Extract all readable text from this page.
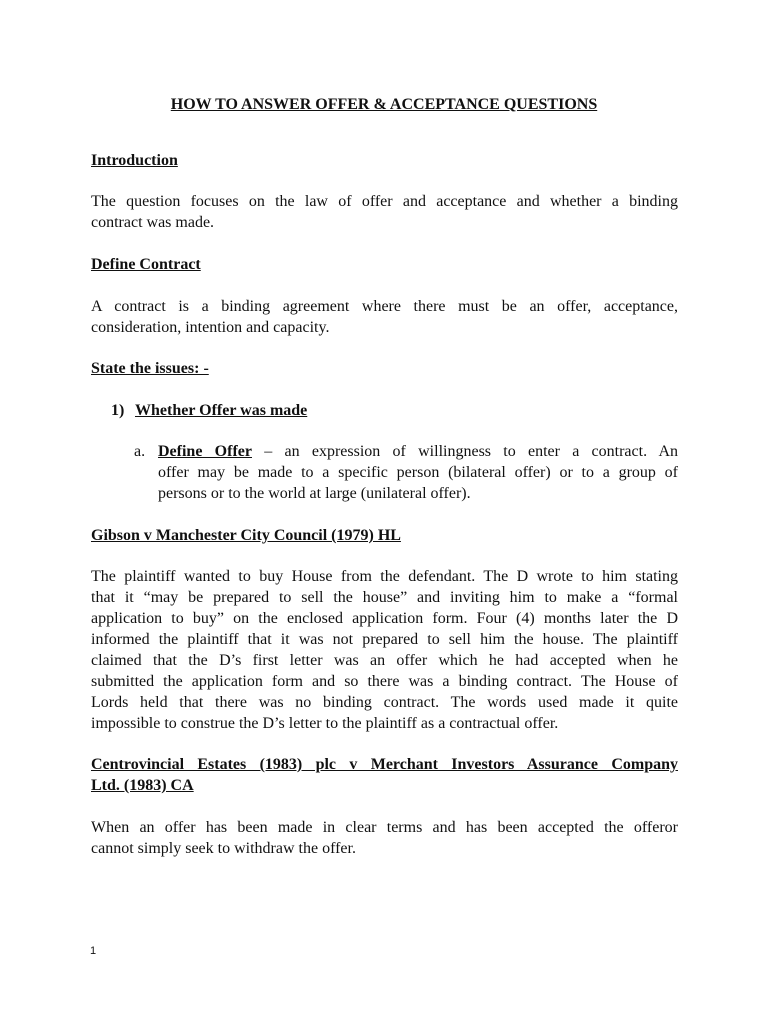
HOW TO ANSWER OFFER & ACCEPTANCE QUESTIONS
Introduction
The question focuses on the law of offer and acceptance and whether a binding
contract was made.
Define Contract
A contract is a binding agreement where there must be an offer, acceptance,
consideration, intention and capacity.
State the issues: -
1) Whether Offer was made
a. Define Offer – an expression of willingness to enter a contract. An
offer may be made to a specific person (bilateral offer) or to a group of
persons or to the world at large (unilateral offer).
Gibson v Manchester City Council (1979) HL
The plaintiff wanted to buy House from the defendant. The D wrote to him stating
that it “may be prepared to sell the house” and inviting him to make a “formal
application to buy” on the enclosed application form. Four (4) months later the D
informed the plaintiff that it was not prepared to sell him the house. The plaintiff
claimed that the D’s first letter was an offer which he had accepted when he
submitted the application form and so there was a binding contract. The House of
Lords held that there was no binding contract. The words used made it quite
impossible to construe the D’s letter to the plaintiff as a contractual offer.
Centrovincial Estates (1983) plc v Merchant Investors Assurance Company
Ltd. (1983) CA
When an offer has been made in clear terms and has been accepted the offeror
cannot simply seek to withdraw the offer.
1
